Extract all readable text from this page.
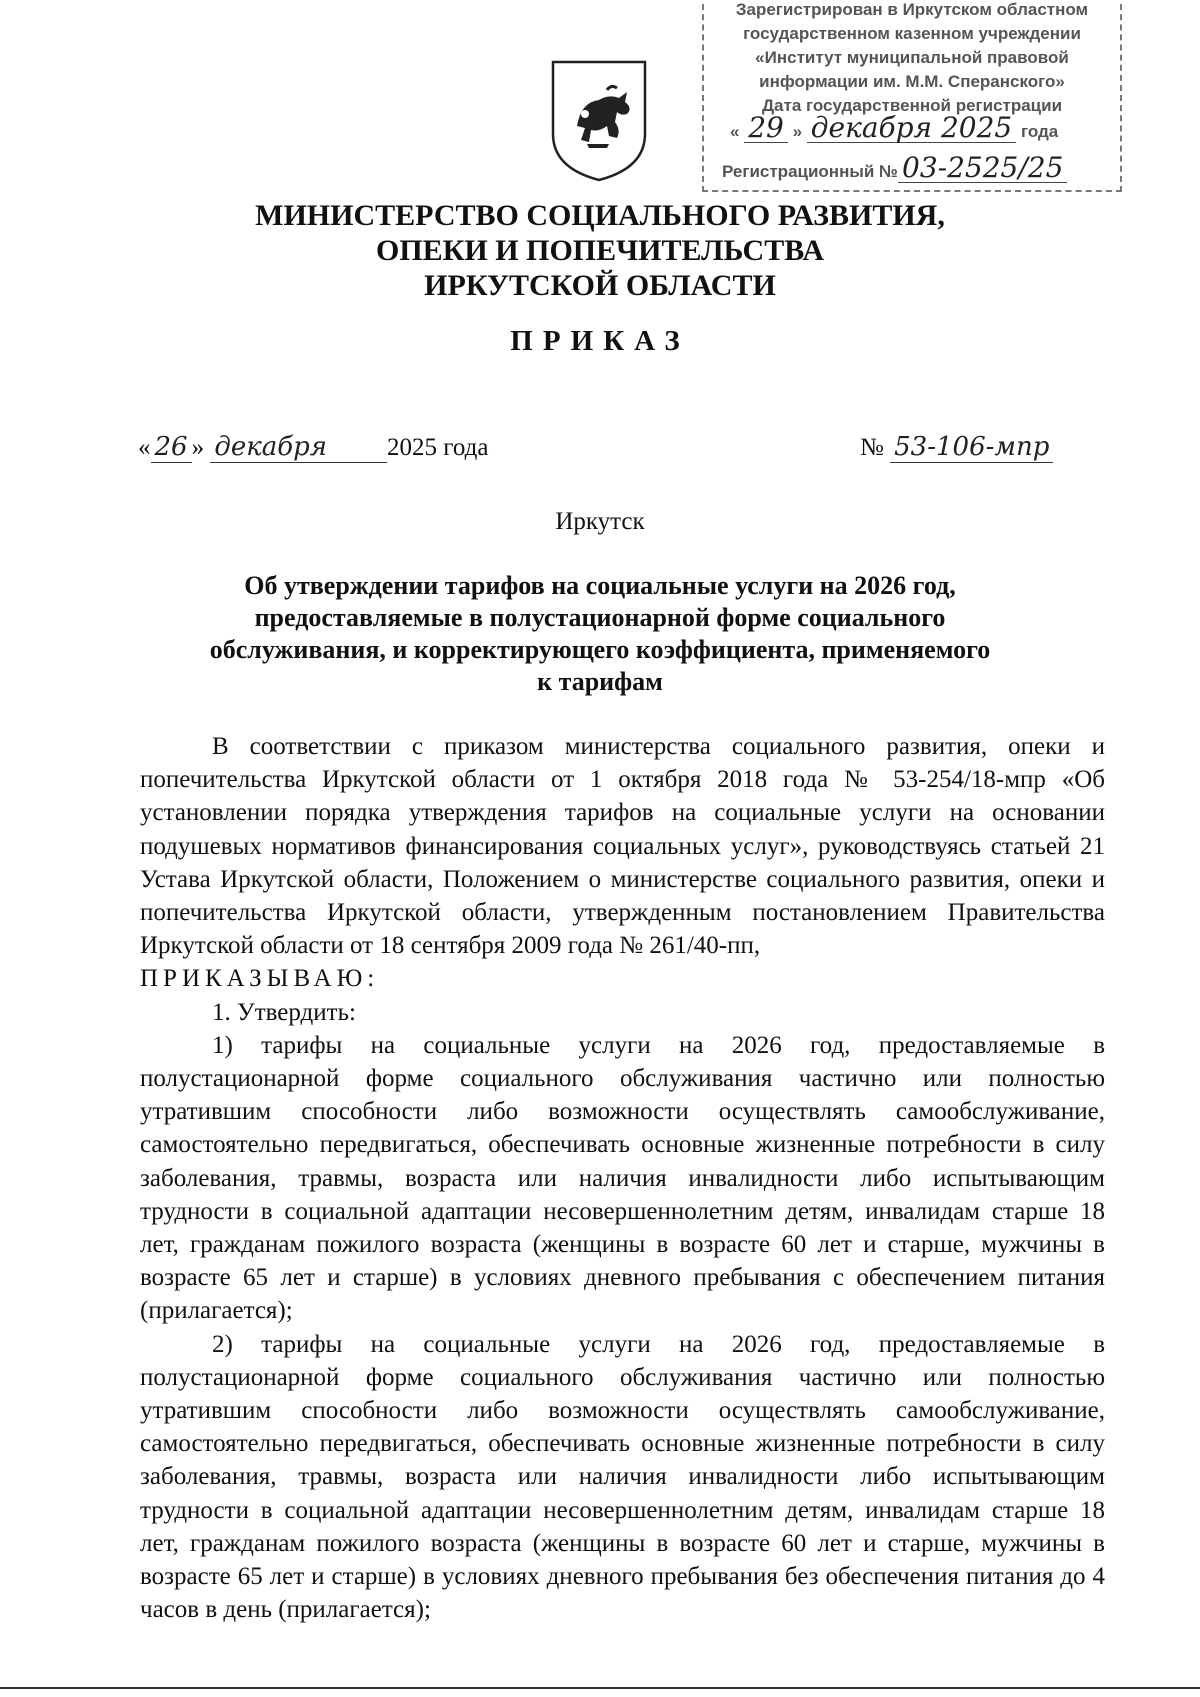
Зарегистрирован в Иркутском областном
государственном казенном учреждении
«Институт муниципальной правовой
информации им. М.М. Сперанского»
Дата государственной регистрации
« 29 » декабря 2025 года
Регистрационный № 03-2525/25
МИНИСТЕРСТВО СОЦИАЛЬНОГО РАЗВИТИЯ,
ОПЕКИ И ПОПЕЧИТЕЛЬСТВА
ИРКУТСКОЙ ОБЛАСТИ
ПРИКАЗ
« 26 » декабря 2025 года	№ 53-106-мпр
Иркутск
Об утверждении тарифов на социальные услуги на 2026 год,
предоставляемые в полустационарной форме социального
обслуживания, и корректирующего коэффициента, применяемого
к тарифам

В соответствии с приказом министерства социального развития, опеки и попечительства Иркутской области от 1 октября 2018 года № 53-254/18-мпр «Об установлении порядка утверждения тарифов на социальные услуги на основании подушевых нормативов финансирования социальных услуг», руководствуясь статьей 21 Устава Иркутской области, Положением о министерстве социального развития, опеки и попечительства Иркутской области, утвержденным постановлением Правительства Иркутской области от 18 сентября 2009 года № 261/40-пп,

ПРИКАЗЫВАЮ:

1. Утвердить:

1) тарифы на социальные услуги на 2026 год, предоставляемые в полустационарной форме социального обслуживания частично или полностью утратившим способности либо возможности осуществлять самообслуживание, самостоятельно передвигаться, обеспечивать основные жизненные потребности в силу заболевания, травмы, возраста или наличия инвалидности либо испытывающим трудности в социальной адаптации несовершеннолетним детям, инвалидам старше 18 лет, гражданам пожилого возраста (женщины в возрасте 60 лет и старше, мужчины в возрасте 65 лет и старше) в условиях дневного пребывания с обеспечением питания (прилагается);

2) тарифы на социальные услуги на 2026 год, предоставляемые в полустационарной форме социального обслуживания частично или полностью утратившим способности либо возможности осуществлять самообслуживание, самостоятельно передвигаться, обеспечивать основные жизненные потребности в силу заболевания, травмы, возраста или наличия инвалидности либо испытывающим трудности в социальной адаптации несовершеннолетним детям, инвалидам старше 18 лет, гражданам пожилого возраста (женщины в возрасте 60 лет и старше, мужчины в возрасте 65 лет и старше) в условиях дневного пребывания без обеспечения питания до 4 часов в день (прилагается);
